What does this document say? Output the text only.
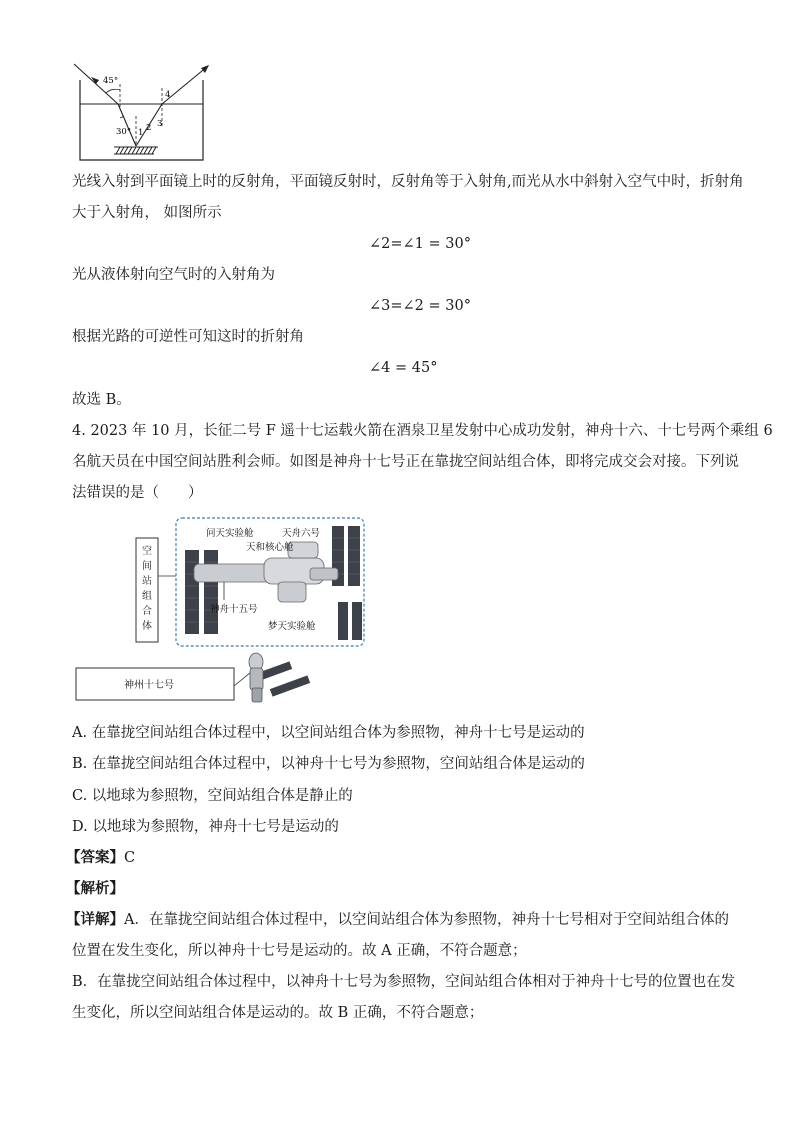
45°
30° 1 2 3
4
光线入射到平面镜上时的反射角，平面镜反射时，反射角等于入射角,而光从水中斜射入空气中时，折射角
大于入射角， 如图所示
∠2=∠1 = 30°
光从液体射向空气时的入射角为
∠3=∠2 = 30°
根据光路的可逆性可知这时的折射角
∠4 = 45°
故选 B。
4. 2023 年 10 月，长征二号 F 遥十七运载火箭在酒泉卫星发射中心成功发射，神舟十六、十七号两个乘组 6
名航天员在中国空间站胜利会师。如图是神舟十七号正在靠拢空间站组合体，即将完成交会对接。下列说
法错误的是（　　）
空
间
站
组
合
体
问天实验舱	天舟六号
天和核心舱
神舟十五号
梦天实验舱
神州十七号
A. 在靠拢空间站组合体过程中，以空间站组合体为参照物，神舟十七号是运动的
B. 在靠拢空间站组合体过程中，以神舟十七号为参照物，空间站组合体是运动的
C. 以地球为参照物，空间站组合体是静止的
D. 以地球为参照物，神舟十七号是运动的
【答案】C
【解析】
【详解】A．在靠拢空间站组合体过程中，以空间站组合体为参照物，神舟十七号相对于空间站组合体的
位置在发生变化，所以神舟十七号是运动的。故 A 正确，不符合题意；
B．在靠拢空间站组合体过程中，以神舟十七号为参照物，空间站组合体相对于神舟十七号的位置也在发
生变化，所以空间站组合体是运动的。故 B 正确，不符合题意；
